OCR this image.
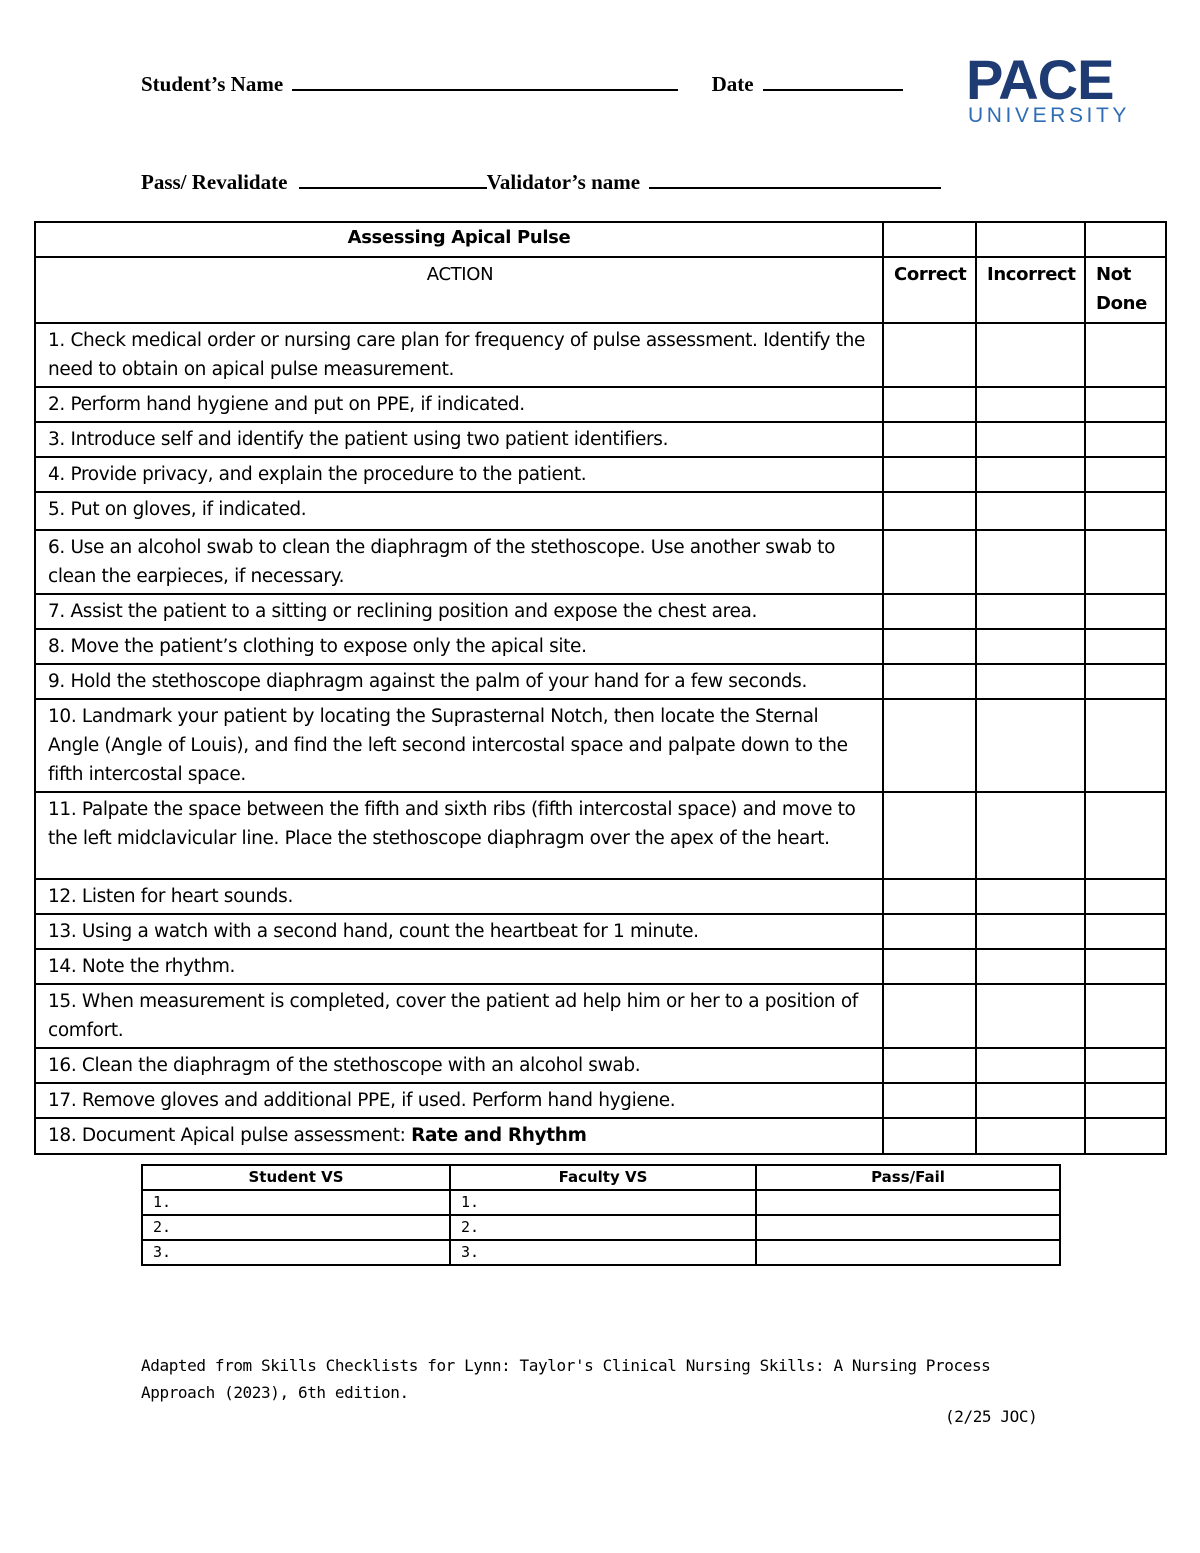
Student’s Name	Date
Pass/ Revalidate	Validator’s name
PACE
UNIVERSITY
Assessing Apical Pulse			
ACTION	Correct	Incorrect	Not Done
1. Check medical order or nursing care plan for frequency of pulse assessment. Identify the need to obtain on apical pulse measurement.			
2. Perform hand hygiene and put on PPE, if indicated.			
3. Introduce self and identify the patient using two patient identifiers.			
4. Provide privacy, and explain the procedure to the patient.			
5. Put on gloves, if indicated.			
6. Use an alcohol swab to clean the diaphragm of the stethoscope. Use another swab to clean the earpieces, if necessary.			
7. Assist the patient to a sitting or reclining position and expose the chest area.			
8. Move the patient’s clothing to expose only the apical site.			
9. Hold the stethoscope diaphragm against the palm of your hand for a few seconds.			
10. Landmark your patient by locating the Suprasternal Notch, then locate the Sternal Angle (Angle of Louis), and find the left second intercostal space and palpate down to the fifth intercostal space.			
11. Palpate the space between the fifth and sixth ribs (fifth intercostal space) and move to the left midclavicular line. Place the stethoscope diaphragm over the apex of the heart.			
12. Listen for heart sounds.			
13. Using a watch with a second hand, count the heartbeat for 1 minute.			
14. Note the rhythm.			
15. When measurement is completed, cover the patient ad help him or her to a position of comfort.			
16. Clean the diaphragm of the stethoscope with an alcohol swab.			
17. Remove gloves and additional PPE, if used. Perform hand hygiene.			
18. Document Apical pulse assessment: Rate and Rhythm			
Student VS	Faculty VS	Pass/Fail
1.	1.	
2.	2.	
3.	3.	
Adapted from Skills Checklists for Lynn: Taylor's Clinical Nursing Skills: A Nursing Process Approach (2023), 6th edition.
(2/25 JOC)
